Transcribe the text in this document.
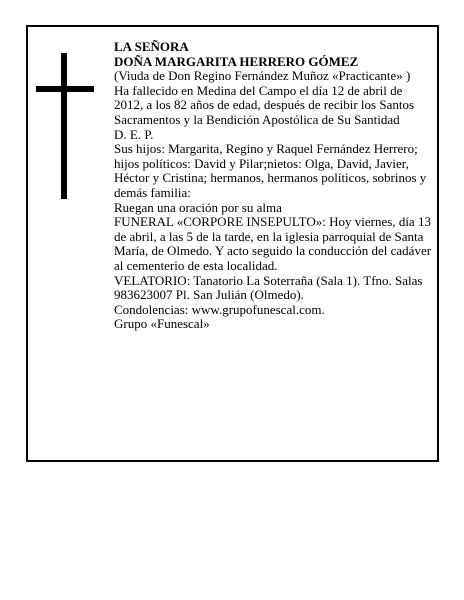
LA SEÑORA

DOÑA MARGARITA HERRERO GÓMEZ

(Viuda de Don Regino Fernández Muñoz «Practicante» )

Ha fallecido en Medina del Campo el día 12 de abril de 2012, a los 82 años de edad, después de recibir los Santos Sacramentos y la Bendición Apostólica de Su Santidad

D. E. P.

Sus hijos: Margarita, Regino y Raquel Fernández Herrero; hijos políticos: David y Pilar;nietos: Olga, David, Javier, Héctor y Cristina; hermanos, hermanos políticos, sobrinos y demás familia:

Ruegan una oración por su alma

FUNERAL «CORPORE INSEPULTO»: Hoy viernes, día 13 de abril, a las 5 de la tarde, en la iglesia parroquial de Santa María, de Olmedo. Y acto seguido la conducción del cadáver al cementerio de esta localidad.

VELATORIO: Tanatorio La Soterraña (Sala 1). Tfno. Salas 983623007 Pl. San Julián (Olmedo).

Condolencias: www.grupofunescal.com.

Grupo «Funescal»
